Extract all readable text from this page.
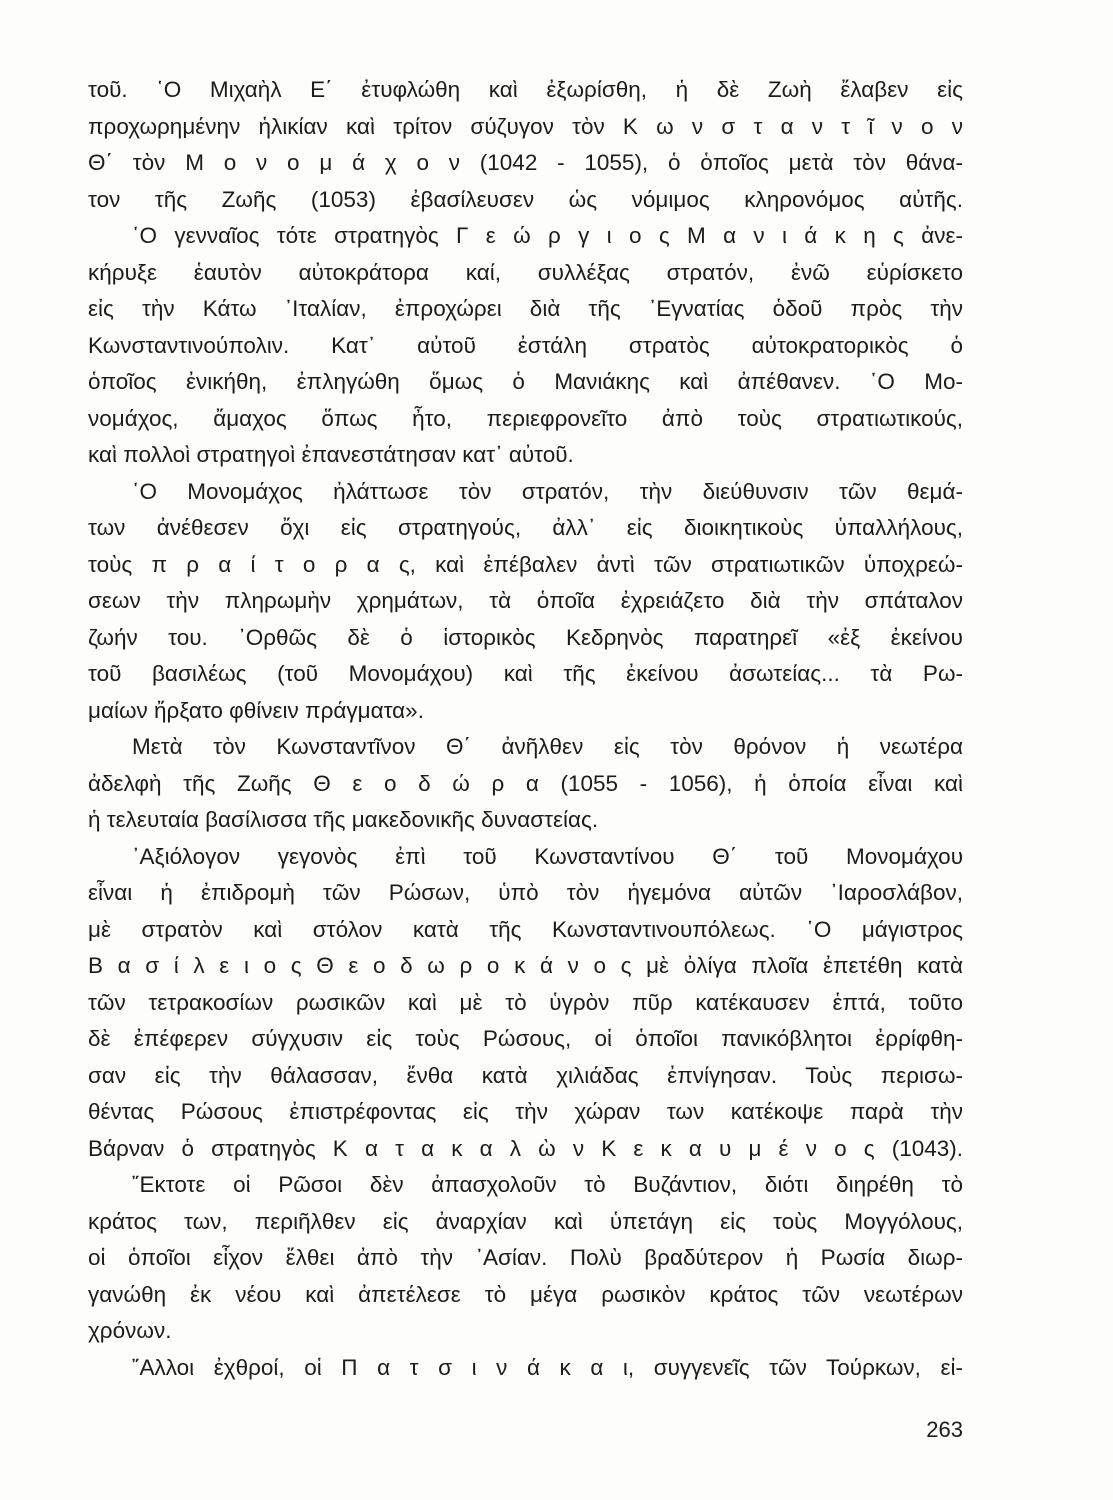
τοῦ. ῾Ο Μιχαὴλ Ε΄ ἐτυφλώθη καὶ ἐξωρίσθη, ἡ δὲ Ζωὴ ἔλαβεν εἰς
προχωρημένην ἡλικίαν καὶ τρίτον σύζυγον τὸν Κ ω ν σ τ α ν τ ῖ ν ο ν
Θ΄ τὸν Μ ο ν ο μ ά χ ο ν (1042 - 1055), ὁ ὁποῖος μετὰ τὸν θάνα-
τον τῆς Ζωῆς (1053) ἐβασίλευσεν ὡς νόμιμος κληρονόμος αὐτῆς.
῾Ο γενναῖος τότε στρατηγὸς Γ ε ώ ρ γ ι ο ς Μ α ν ι ά κ η ς ἀνε-
κήρυξε ἑαυτὸν αὐτοκράτορα καί, συλλέξας στρατόν, ἐνῶ εὑρίσκετο
εἰς τὴν Κάτω ᾿Ιταλίαν, ἐπροχώρει διὰ τῆς ᾿Εγνατίας ὁδοῦ πρὸς τὴν
Κωνσταντινούπολιν. Κατ᾿ αὐτοῦ ἐστάλη στρατὸς αὐτοκρατορικὸς ὁ
ὁποῖος ἐνικήθη, ἐπληγώθη ὅμως ὁ Μανιάκης καὶ ἀπέθανεν. ῾Ο Μο-
νομάχος, ἄμαχος ὅπως ἦτο, περιεφρονεῖτο ἀπὸ τοὺς στρατιωτικούς,
καὶ πολλοὶ στρατηγοὶ ἐπανεστάτησαν κατ᾿ αὐτοῦ.
῾Ο Μονομάχος ἠλάττωσε τὸν στρατόν, τὴν διεύθυνσιν τῶν θεμά-
των ἀνέθεσεν ὄχι εἰς στρατηγούς, ἀλλ᾿ εἰς διοικητικοὺς ὑπαλλήλους,
τοὺς π ρ α ί τ ο ρ α ς, καὶ ἐπέβαλεν ἀντὶ τῶν στρατιωτικῶν ὑποχρεώ-
σεων τὴν πληρωμὴν χρημάτων, τὰ ὁποῖα ἐχρειάζετο διὰ τὴν σπάταλον
ζωήν του. ᾿Ορθῶς δὲ ὁ ἱστορικὸς Κεδρηνὸς παρατηρεῖ «ἐξ ἐκείνου
τοῦ βασιλέως (τοῦ Μονομάχου) καὶ τῆς ἐκείνου ἀσωτείας... τὰ Ρω-
μαίων ἤρξατο φθίνειν πράγματα».
Μετὰ τὸν Κωνσταντῖνον Θ΄ ἀνῆλθεν εἰς τὸν θρόνον ἡ νεωτέρα
ἀδελφὴ τῆς Ζωῆς Θ ε ο δ ώ ρ α (1055 - 1056), ἡ ὁποία εἶναι καὶ
ἡ τελευταία βασίλισσα τῆς μακεδονικῆς δυναστείας.
᾿Αξιόλογον γεγονὸς ἐπὶ τοῦ Κωνσταντίνου Θ΄ τοῦ Μονομάχου
εἶναι ἡ ἐπιδρομὴ τῶν Ρώσων, ὑπὸ τὸν ἡγεμόνα αὐτῶν ᾿Ιαροσλάβον,
μὲ στρατὸν καὶ στόλον κατὰ τῆς Κωνσταντινουπόλεως. ῾Ο μάγιστρος
Β α σ ί λ ε ι ο ς Θ ε ο δ ω ρ ο κ ά ν ο ς μὲ ὀλίγα πλοῖα ἐπετέθη κατὰ
τῶν τετρακοσίων ρωσικῶν καὶ μὲ τὸ ὑγρὸν πῦρ κατέκαυσεν ἑπτά, τοῦτο
δὲ ἐπέφερεν σύγχυσιν εἰς τοὺς Ρώσους, οἱ ὁποῖοι πανικόβλητοι ἐρρίφθη-
σαν εἰς τὴν θάλασσαν, ἔνθα κατὰ χιλιάδας ἐπνίγησαν. Τοὺς περισω-
θέντας Ρώσους ἐπιστρέφοντας εἰς τὴν χώραν των κατέκοψε παρὰ τὴν
Βάρναν ὁ στρατηγὸς Κ α τ α κ α λ ὼ ν Κ ε κ α υ μ έ ν ο ς (1043).
῎Εκτοτε οἱ Ρῶσοι δὲν ἀπασχολοῦν τὸ Βυζάντιον, διότι διηρέθη τὸ
κράτος των, περιῆλθεν εἰς ἀναρχίαν καὶ ὑπετάγη εἰς τοὺς Μογγόλους,
οἱ ὁποῖοι εἶχον ἔλθει ἀπὸ τὴν ᾿Ασίαν. Πολὺ βραδύτερον ἡ Ρωσία διωρ-
γανώθη ἐκ νέου καὶ ἀπετέλεσε τὸ μέγα ρωσικὸν κράτος τῶν νεωτέρων
χρόνων.
῎Αλλοι ἐχθροί, οἱ Π α τ σ ι ν ά κ α ι, συγγενεῖς τῶν Τούρκων, εἰ-
263
